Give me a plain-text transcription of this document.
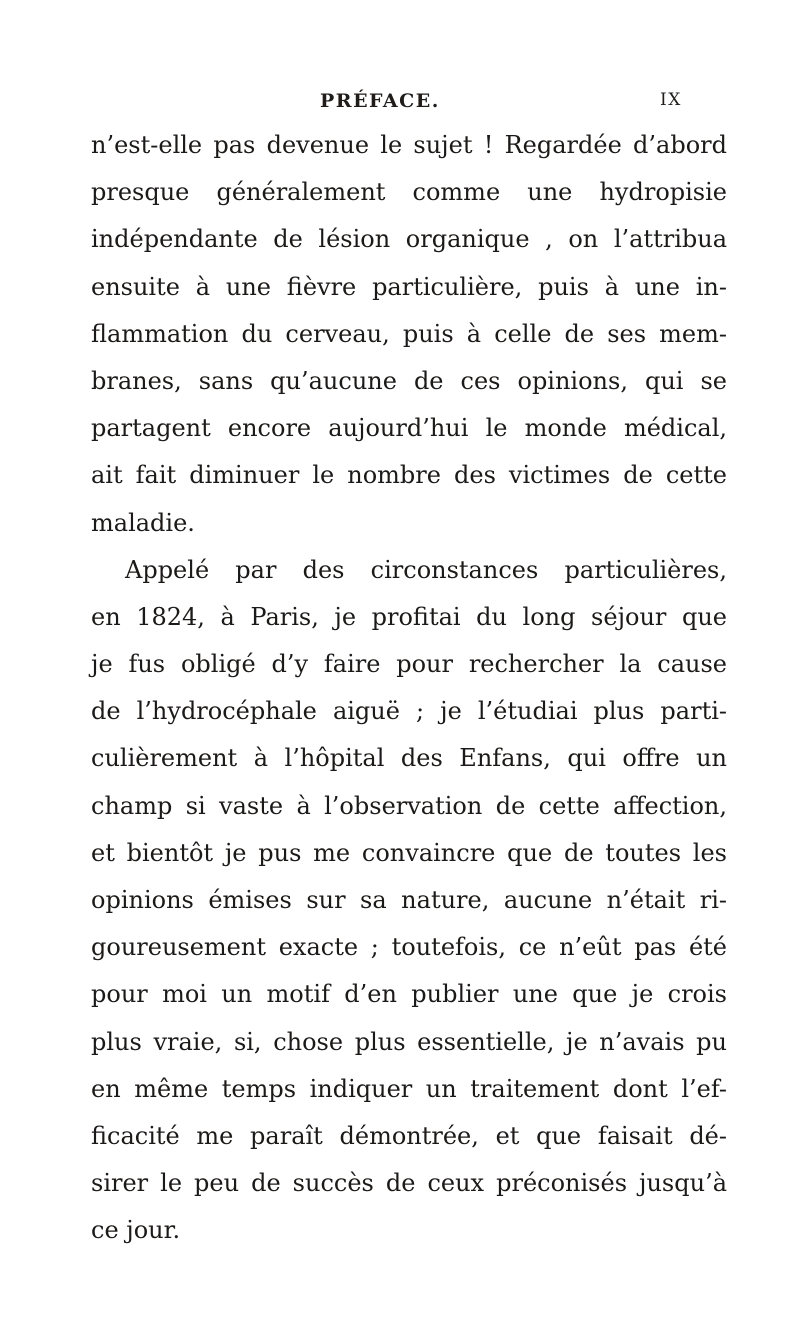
PRÉFACE.	IX
n’est-elle pas devenue le sujet ! Regardée d’abord
presque généralement comme une hydropisie
indépendante de lésion organique , on l’attribua
ensuite à une fièvre particulière, puis à une in-
flammation du cerveau, puis à celle de ses mem-
branes, sans qu’aucune de ces opinions, qui se
partagent encore aujourd’hui le monde médical,
ait fait diminuer le nombre des victimes de cette
maladie.
Appelé par des circonstances particulières,
en 1824, à Paris, je profitai du long séjour que
je fus obligé d’y faire pour rechercher la cause
de l’hydrocéphale aiguë ; je l’étudiai plus parti-
culièrement à l’hôpital des Enfans, qui offre un
champ si vaste à l’observation de cette affection,
et bientôt je pus me convaincre que de toutes les
opinions émises sur sa nature, aucune n’était ri-
goureusement exacte ; toutefois, ce n’eût pas été
pour moi un motif d’en publier une que je crois
plus vraie, si, chose plus essentielle, je n’avais pu
en même temps indiquer un traitement dont l’ef-
ficacité me paraît démontrée, et que faisait dé-
sirer le peu de succès de ceux préconisés jusqu’à
ce jour.
